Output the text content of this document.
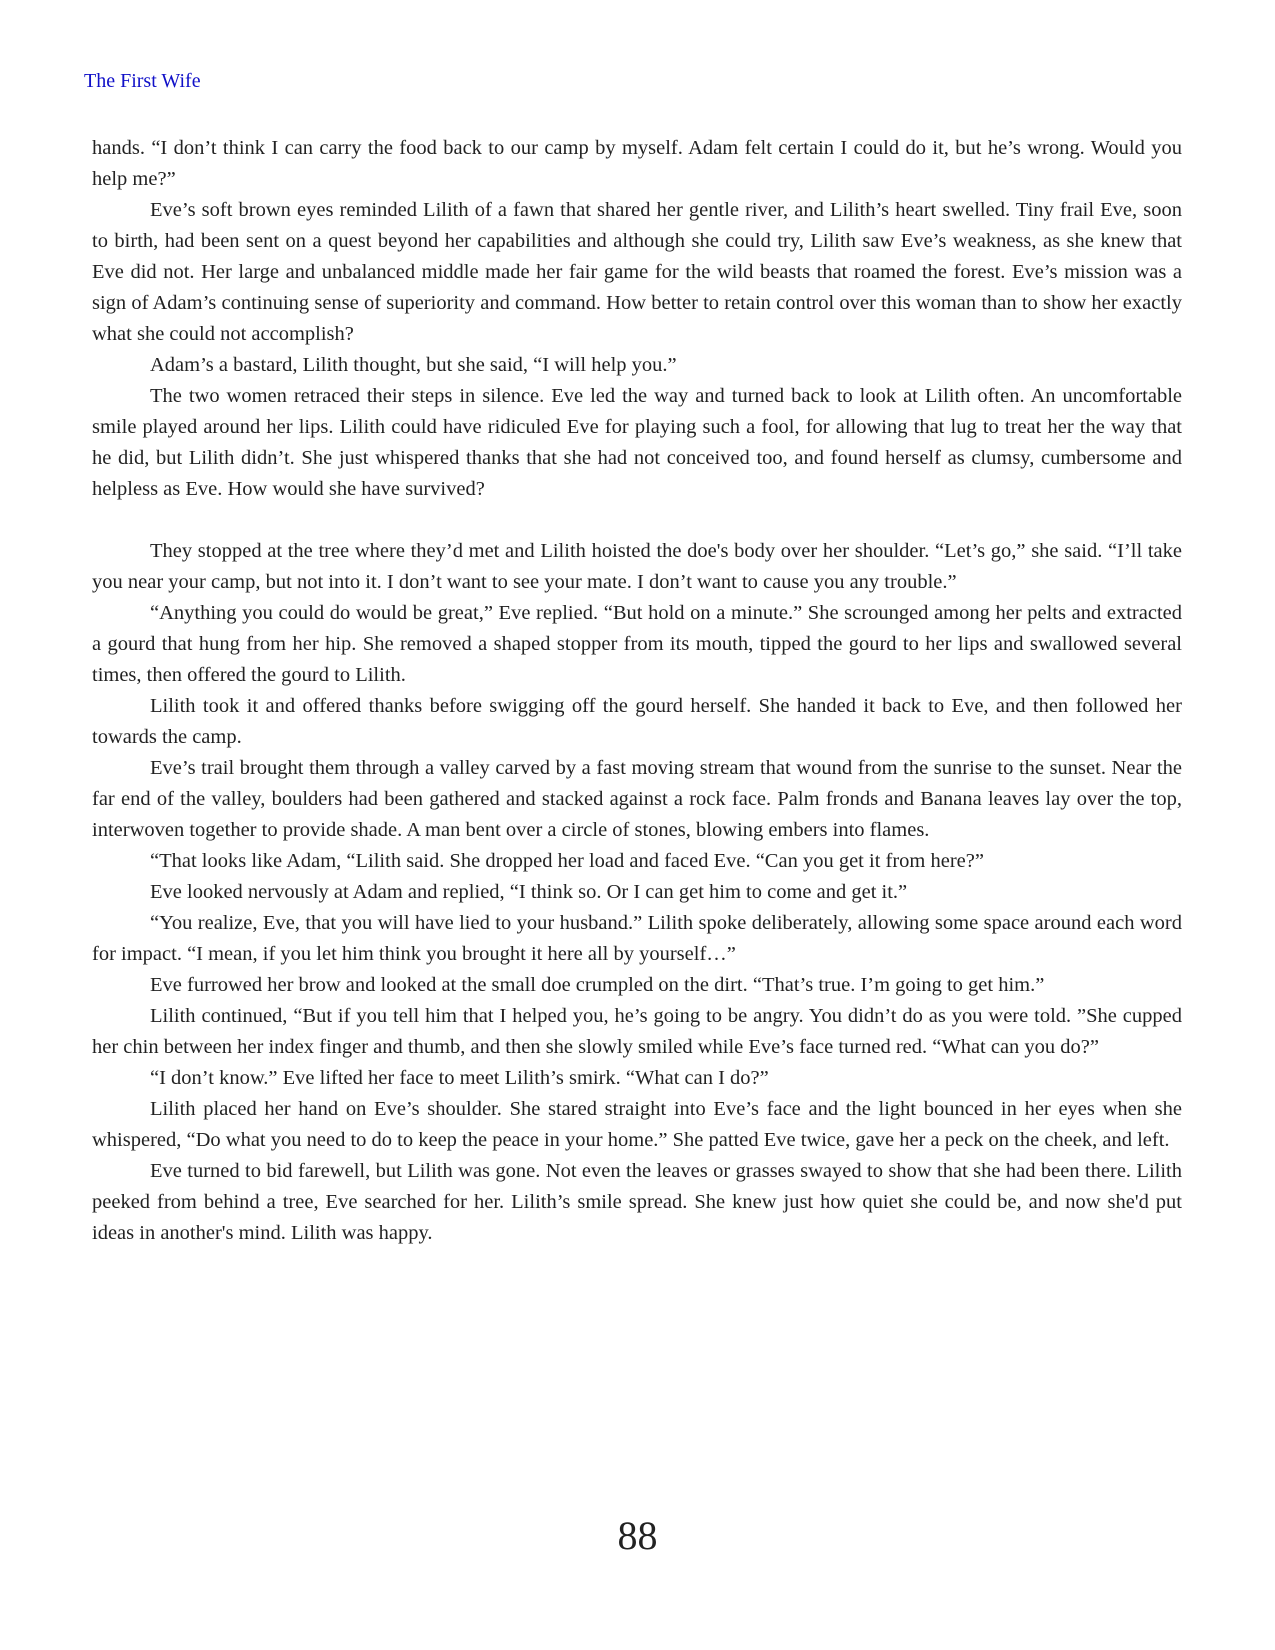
The First Wife

hands. “I don’t think I can carry the food back to our camp by myself. Adam felt certain I could do it, but he’s wrong. Would you help me?”

Eve’s soft brown eyes reminded Lilith of a fawn that shared her gentle river, and Lilith’s heart swelled. Tiny frail Eve, soon to birth, had been sent on a quest beyond her capabilities and although she could try, Lilith saw Eve’s weakness, as she knew that Eve did not. Her large and unbalanced middle made her fair game for the wild beasts that roamed the forest. Eve’s mission was a sign of Adam’s continuing sense of superiority and command. How better to retain control over this woman than to show her exactly what she could not accomplish?

Adam’s a bastard, Lilith thought, but she said, “I will help you.”

The two women retraced their steps in silence. Eve led the way and turned back to look at Lilith often. An uncomfortable smile played around her lips. Lilith could have ridiculed Eve for playing such a fool, for allowing that lug to treat her the way that he did, but Lilith didn’t. She just whispered thanks that she had not conceived too, and found herself as clumsy, cumbersome and helpless as Eve. How would she have survived?

They stopped at the tree where they’d met and Lilith hoisted the doe's body over her shoulder. “Let’s go,” she said. “I’ll take you near your camp, but not into it. I don’t want to see your mate. I don’t want to cause you any trouble.”

“Anything you could do would be great,” Eve replied. “But hold on a minute.” She scrounged among her pelts and extracted a gourd that hung from her hip. She removed a shaped stopper from its mouth, tipped the gourd to her lips and swallowed several times, then offered the gourd to Lilith.

Lilith took it and offered thanks before swigging off the gourd herself. She handed it back to Eve, and then followed her towards the camp.

Eve’s trail brought them through a valley carved by a fast moving stream that wound from the sunrise to the sunset. Near the far end of the valley, boulders had been gathered and stacked against a rock face. Palm fronds and Banana leaves lay over the top, interwoven together to provide shade. A man bent over a circle of stones, blowing embers into flames.

“That looks like Adam, “Lilith said. She dropped her load and faced Eve. “Can you get it from here?”

Eve looked nervously at Adam and replied, “I think so. Or I can get him to come and get it.”

“You realize, Eve, that you will have lied to your husband.” Lilith spoke deliberately, allowing some space around each word for impact. “I mean, if you let him think you brought it here all by yourself…”

Eve furrowed her brow and looked at the small doe crumpled on the dirt. “That’s true. I’m going to get him.”

Lilith continued, “But if you tell him that I helped you, he’s going to be angry. You didn’t do as you were told. ”She cupped her chin between her index finger and thumb, and then she slowly smiled while Eve’s face turned red. “What can you do?”

“I don’t know.” Eve lifted her face to meet Lilith’s smirk. “What can I do?”

Lilith placed her hand on Eve’s shoulder. She stared straight into Eve’s face and the light bounced in her eyes when she whispered, “Do what you need to do to keep the peace in your home.” She patted Eve twice, gave her a peck on the cheek, and left.

Eve turned to bid farewell, but Lilith was gone. Not even the leaves or grasses swayed to show that she had been there. Lilith peeked from behind a tree, Eve searched for her. Lilith’s smile spread. She knew just how quiet she could be, and now she'd put ideas in another's mind. Lilith was happy.

88
